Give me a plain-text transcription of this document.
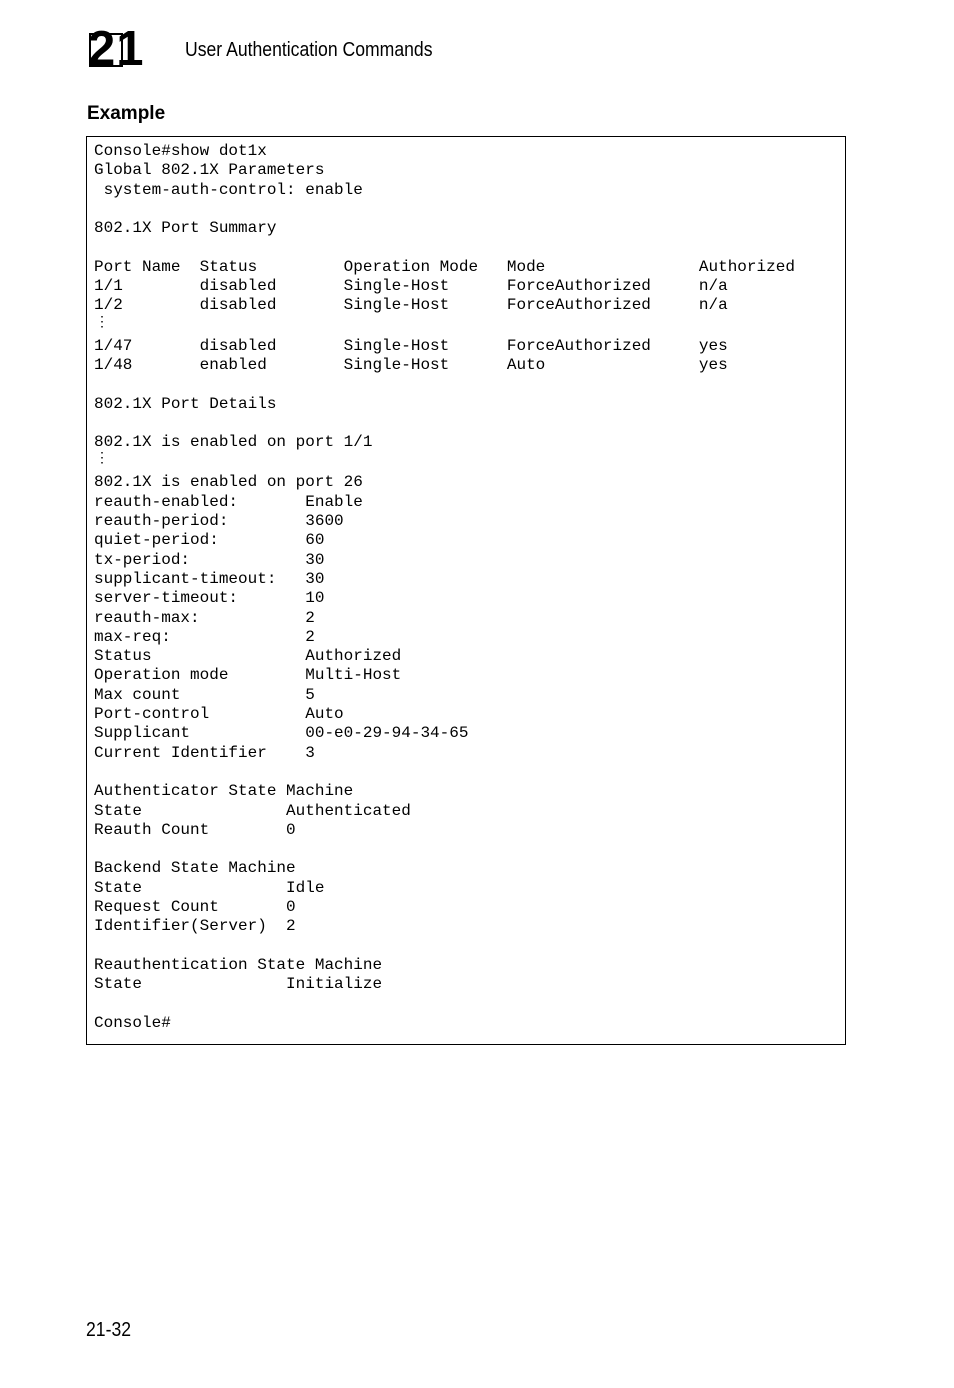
21 User Authentication Commands
Example
Console#show dot1x
Global 802.1X Parameters
system-auth-control: enable
802.1X Port Summary
Port Name  Status         Operation Mode   Mode                Authorized
1/1        disabled       Single-Host      ForceAuthorized     n/a
1/2        disabled       Single-Host      ForceAuthorized     n/a
⋮
1/47       disabled       Single-Host      ForceAuthorized     yes
1/48       enabled        Single-Host      Auto                yes
802.1X Port Details
802.1X is enabled on port 1/1
⋮
802.1X is enabled on port 26
reauth-enabled:       Enable
reauth-period:        3600
quiet-period:         60
tx-period:            30
supplicant-timeout:   30
server-timeout:       10
reauth-max:           2
max-req:              2
Status                Authorized
Operation mode        Multi-Host
Max count             5
Port-control          Auto
Supplicant            00-e0-29-94-34-65
Current Identifier    3
Authenticator State Machine
State               Authenticated
Reauth Count        0
Backend State Machine
State               Idle
Request Count       0
Identifier(Server)  2
Reauthentication State Machine
State               Initialize
Console#
21-32
